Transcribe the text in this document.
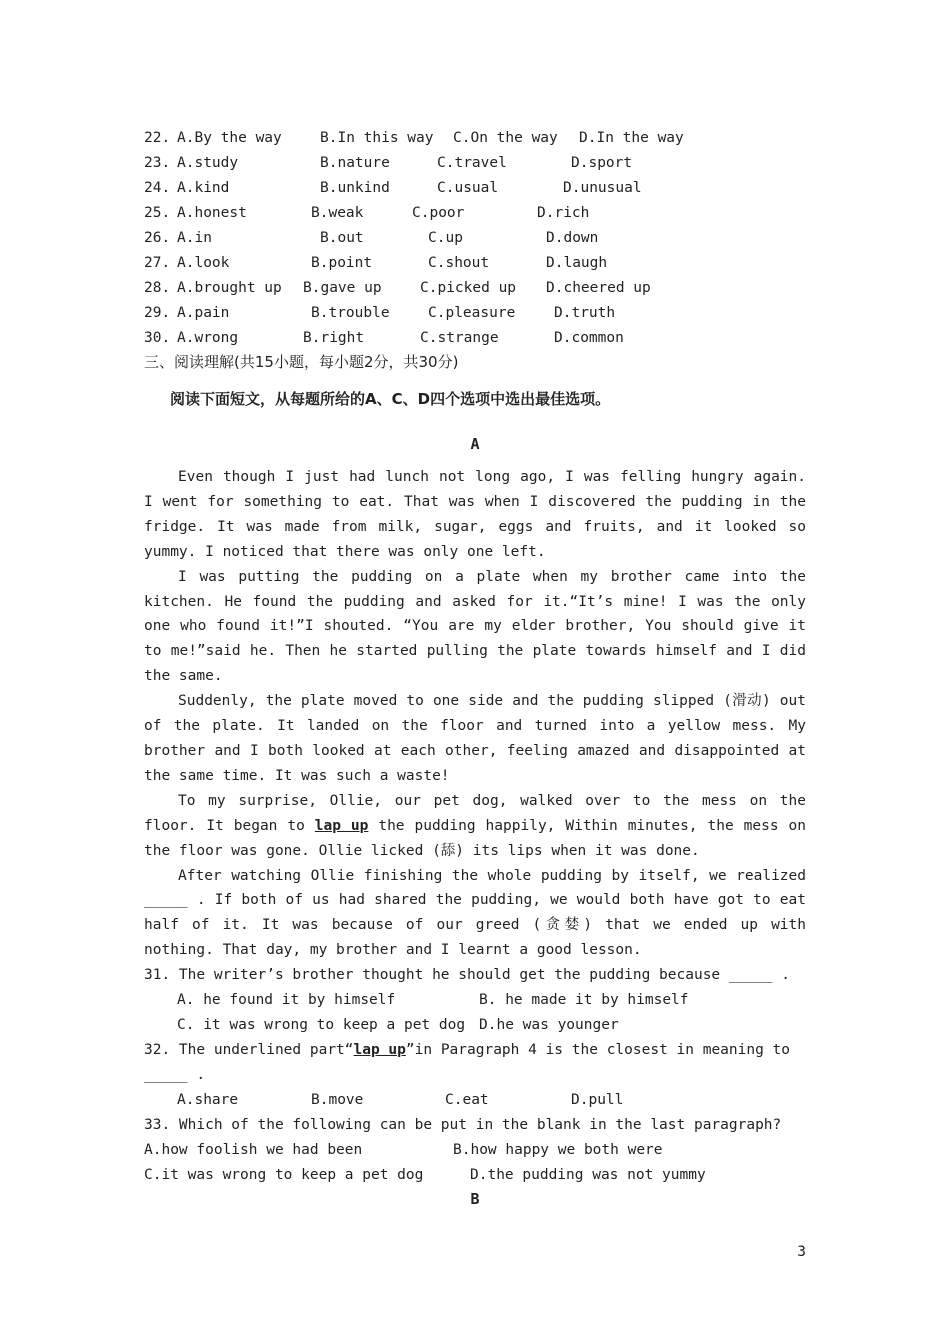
22. A.By the way	B.In this way C.On the way D.In the way
23. A.study	B.nature	C.travel	D.sport
24. A.kind	B.unkind	C.usual	D.unusual
25. A.honest	B.weak	C.poor	D.rich
26. A.in	B.out	C.up	D.down
27. A.look	B.point	C.shout	D.laugh
28. A.brought up B.gave up	C.picked up D.cheered up
29. A.pain	B.trouble	C.pleasure	D.truth
30. A.wrong	B.right	C.strange	D.common
三、阅读理解(共15小题，每小题2分，共30分)
阅读下面短文，从每题所给的A、C、D四个选项中选出最佳选项。
A

Even though I just had lunch not long ago, I was felling hungry again. I went for something to eat. That was when I discovered the pudding in the fridge. It was made from milk, sugar, eggs and fruits, and it looked so yummy. I noticed that there was only one left.

I was putting the pudding on a plate when my brother came into the kitchen. He found the pudding and asked for it.“It’s mine! I was the only one who found it!”I shouted. “You are my elder brother, You should give it to me!”said he. Then he started pulling the plate towards himself and I did the same.

Suddenly, the plate moved to one side and the pudding slipped (滑动) out of the plate. It landed on the floor and turned into a yellow mess. My brother and I both looked at each other, feeling amazed and disappointed at the same time. It was such a waste!

To my surprise, Ollie, our pet dog, walked over to the mess on the floor. It began to lap up the pudding happily, Within minutes, the mess on the floor was gone. Ollie licked (舔) its lips when it was done.

After watching Ollie finishing the whole pudding by itself, we realized _____ . If both of us had shared the pudding, we would both have got to eat half of it. It was because of our greed (贪婪) that we ended up with nothing. That day, my brother and I learnt a good lesson.

31. The writer’s brother thought he should get the pudding because _____ .
A. he found it by himself	B. he made it by himself
C. it was wrong to keep a pet dog D.he was younger
32. The underlined part“lap up”in Paragraph 4 is the closest in meaning to
_____ .
A.share	B.move	C.eat	D.pull
33. Which of the following can be put in the blank in the last paragraph?
A.how foolish we had been	B.how happy we both were
C.it was wrong to keep a pet dog	D.the pudding was not yummy
B
3
